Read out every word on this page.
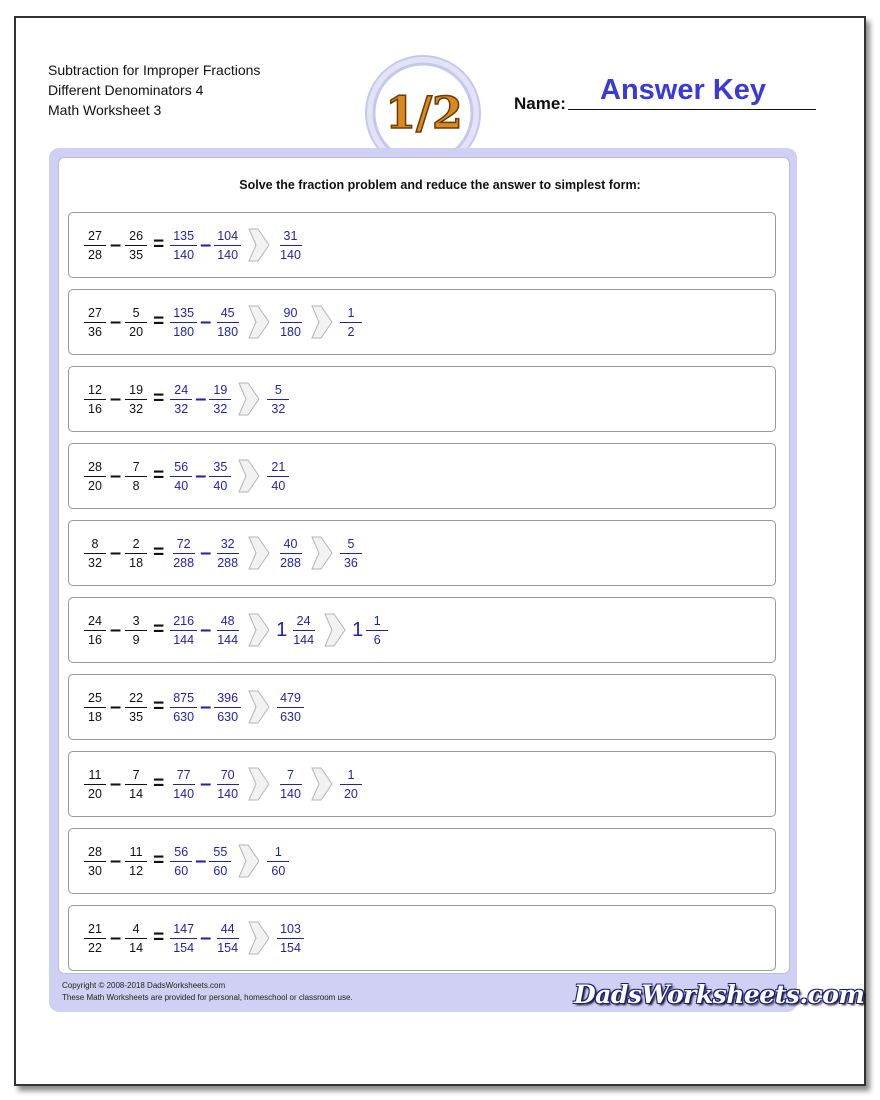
Subtraction for Improper Fractions
Different Denominators 4
Math Worksheet 3	1/2	Name: Answer Key
Solve the fraction problem and reduce the answer to simplest form:
$\frac{27}{28} - \frac{26}{35} = \frac{135}{140} - \frac{104}{140}$	$\frac{31}{140}$
$\frac{27}{36} - \frac{5}{20} = \frac{135}{180} - \frac{45}{180}$	$\frac{90}{180}$	$\frac{1}{2}$
$\frac{12}{16} - \frac{19}{32} = \frac{24}{32} - \frac{19}{32}$	$\frac{5}{32}$
$\frac{28}{20} - \frac{7}{8} = \frac{56}{40} - \frac{35}{40}$	$\frac{21}{40}$
$\frac{8}{32} - \frac{2}{18} = \frac{72}{288} - \frac{32}{288}$	$\frac{40}{288}$	$\frac{5}{36}$
$\frac{24}{16} - \frac{3}{9} = \frac{216}{144} - \frac{48}{144} 1 \frac{24}{144} 1 \frac{1}{6}$
$\frac{25}{18} - \frac{22}{35} = \frac{875}{630} - \frac{396}{630}$	$\frac{479}{630}$
$\frac{11}{20} - \frac{7}{14} = \frac{77}{140} - \frac{70}{140}$	$\frac{7}{140}$	$\frac{1}{20}$
$\frac{28}{30} - \frac{11}{12} = \frac{56}{60} - \frac{55}{60}$	$\frac{1}{60}$
$\frac{21}{22} - \frac{4}{14} = \frac{147}{154} - \frac{44}{154}$	$\frac{103}{154}$
Copyright © 2008-2018 DadsWorksheets.com
These Math Worksheets are provided for personal, homeschool or classroom use.	DadsWorksheets.com
